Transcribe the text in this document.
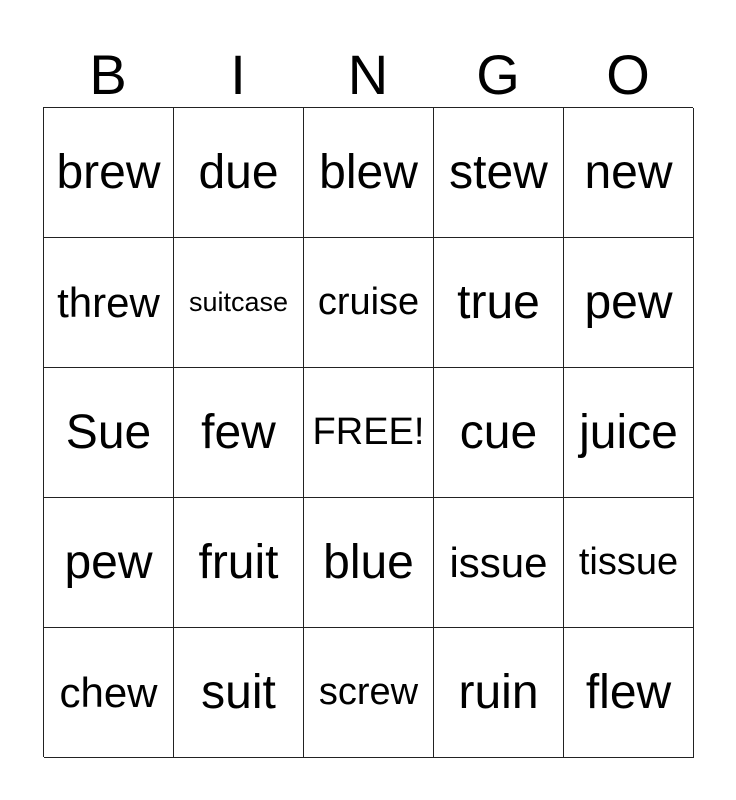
B	I	N	G	O
brew due blew stew new
threw	suitcase cruise true pew
Sue	few FREE! cue juice
pew fruit blue issue tissue
chew suit	screw ruin flew
